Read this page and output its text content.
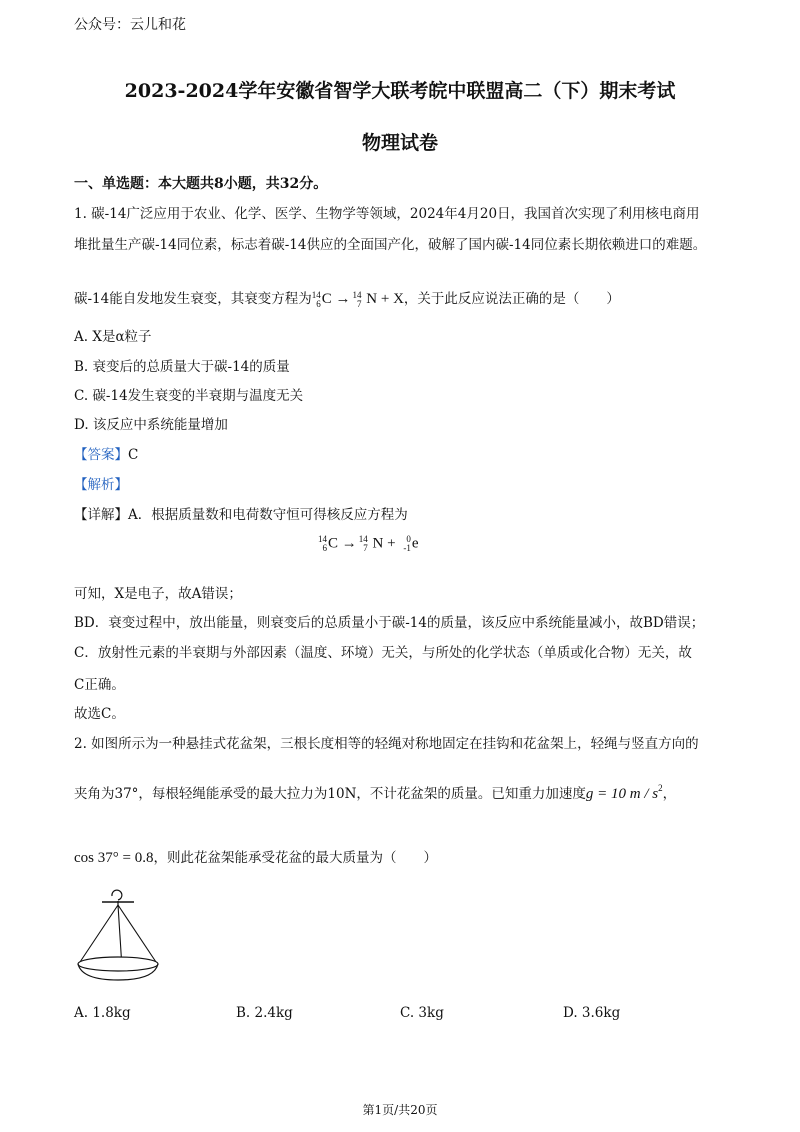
公众号：云儿和花
2023-2024学年安徽省智学大联考皖中联盟高二（下）期末考试
物理试卷
一、单选题：本大题共8小题，共32分。
1. 碳-14广泛应用于农业、化学、医学、生物学等领域，2024年4月20日，我国首次实现了利用核电商用
堆批量生产碳-14同位素，标志着碳-14供应的全面国产化，破解了国内碳-14同位素长期依赖进口的难题。
碳-14能自发地发生衰变，其衰变方程为14
6C → 14
7 N + X，关于此反应说法正确的是（　　）
A. X是α粒子
B. 衰变后的总质量大于碳-14的质量
C. 碳-14发生衰变的半衰期与温度无关
D. 该反应中系统能量增加
【答案】C
【解析】
【详解】A．根据质量数和电荷数守恒可得核反应方程为
14
6C → 14
7 N + 0
-1e
可知，X是电子，故A错误；
BD．衰变过程中，放出能量，则衰变后的总质量小于碳-14的质量，该反应中系统能量减小，故BD错误；
C．放射性元素的半衰期与外部因素（温度、环境）无关，与所处的化学状态（单质或化合物）无关，故
C正确。
故选C。
2. 如图所示为一种悬挂式花盆架，三根长度相等的轻绳对称地固定在挂钩和花盆架上，轻绳与竖直方向的
夹角为37°，每根轻绳能承受的最大拉力为10N，不计花盆架的质量。已知重力加速度g = 10 m / $s^2$，
cos 37° = 0.8，则此花盆架能承受花盆的最大质量为（　　）
A. 1.8kg	B. 2.4kg	C. 3kg	D. 3.6kg
第1页/共20页
